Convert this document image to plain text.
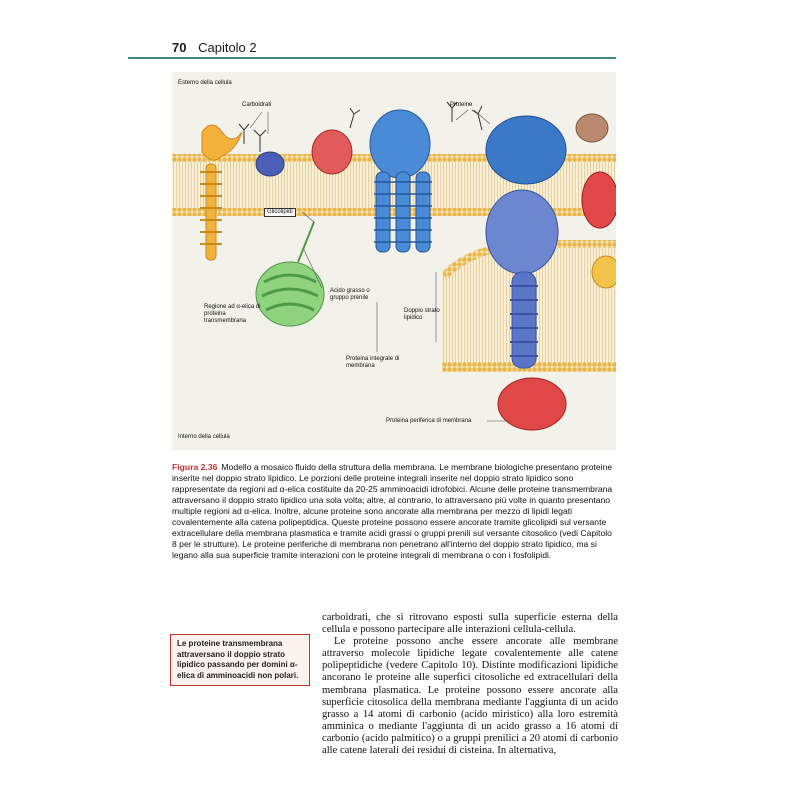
70 Capitolo 2
Esterno della cellula
Carboidrati	Proteine
Glicolipidi
Acido grasso o gruppo prenile
Regione ad α-elica di proteina transmembrana
Doppio strato lipidico
Proteina integrale di membrana
Proteina periferica di membrana
Interno della cellula
Figura 2.36 Modello a mosaico fluido della struttura della membrana. Le membrane biologiche presentano proteine inserite nel doppio strato lipidico. Le porzioni delle proteine integrali inserite nel doppio strato lipidico sono rappresentate da regioni ad α-elica costituite da 20-25 amminoacidi idrofobici. Alcune delle proteine transmembrana attraversano il doppio strato lipidico una sola volta; altre, al contrario, lo attraversano più volte in quanto presentano multiple regioni ad α-elica. Inoltre, alcune proteine sono ancorate alla membrana per mezzo di lipidi legati covalentemente alla catena polipeptidica. Queste proteine possono essere ancorate tramite glicolipidi sul versante extracellulare della membrana plasmatica e tramite acidi grassi o gruppi prenili sul versante citosolico (vedi Capitolo 8 per le strutture). Le proteine periferiche di membrana non penetrano all'interno del doppio strato lipidico, ma si legano alla sua superficie tramite interazioni con le proteine integrali di membrana o con i fosfolipidi.
Le proteine transmembrana attraversano il doppio strato lipidico passando per domini α-elica di amminoacidi non polari.

carboidrati, che si ritrovano esposti sulla superficie esterna della cellula e possono partecipare alle interazioni cellula-cellula.

Le proteine possono anche essere ancorate alle membrane attraverso molecole lipidiche legate covalentemente alle catene polipeptidiche (vedere Capitolo 10). Distinte modificazioni lipidiche ancorano le proteine alle superfici citosoliche ed extracellulari della membrana plasmatica. Le proteine possono essere ancorate alla superficie citosolica della membrana mediante l'aggiunta di un acido grasso a 14 atomi di carbonio (acido miristico) alla loro estremità amminica o mediante l'aggiunta di un acido grasso a 16 atomi di carbonio (acido palmitico) o a gruppi prenilici a 20 atomi di carbonio alle catene laterali dei residui di cisteina. In alternativa,
